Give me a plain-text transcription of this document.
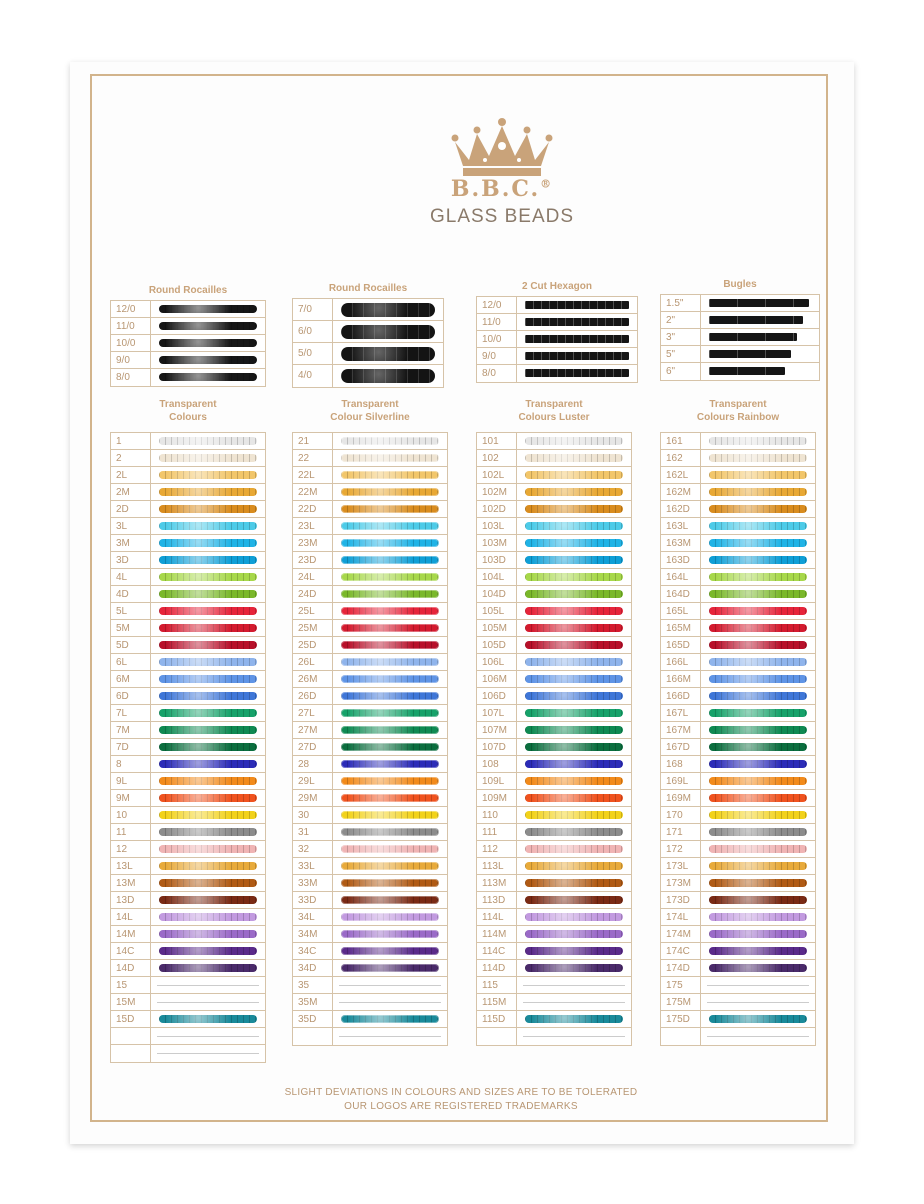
B.B.C.®
GLASS BEADS
Round Rocailles
12/0
11/0
10/0
9/0
8/0
Round Rocailles
7/0
6/0
5/0
4/0
2 Cut Hexagon
12/0
11/0
10/0
9/0
8/0
Bugles
1.5"
2"
3"
5"
6"
Transparent
Colours
1
2
2L
2M
2D
3L
3M
3D
4L
4D
5L
5M
5D
6L
6M
6D
7L
7M
7D
8
9L
9M
10
11
12
13L
13M
13D
14L
14M
14C
14D
15
15M
15D
Transparent
Colour Silverline
21
22
22L
22M
22D
23L
23M
23D
24L
24D
25L
25M
25D
26L
26M
26D
27L
27M
27D
28
29L
29M
30
31
32
33L
33M
33D
34L
34M
34C
34D
35
35M
35D
Transparent
Colours Luster
101
102
102L
102M
102D
103L
103M
103D
104L
104D
105L
105M
105D
106L
106M
106D
107L
107M
107D
108
109L
109M
110
111
112
113L
113M
113D
114L
114M
114C
114D
115
115M
115D
Transparent
Colours Rainbow
161
162
162L
162M
162D
163L
163M
163D
164L
164D
165L
165M
165D
166L
166M
166D
167L
167M
167D
168
169L
169M
170
171
172
173L
173M
173D
174L
174M
174C
174D
175
175M
175D
SLIGHT DEVIATIONS IN COLOURS AND SIZES ARE TO BE TOLERATED
OUR LOGOS ARE REGISTERED TRADEMARKS
